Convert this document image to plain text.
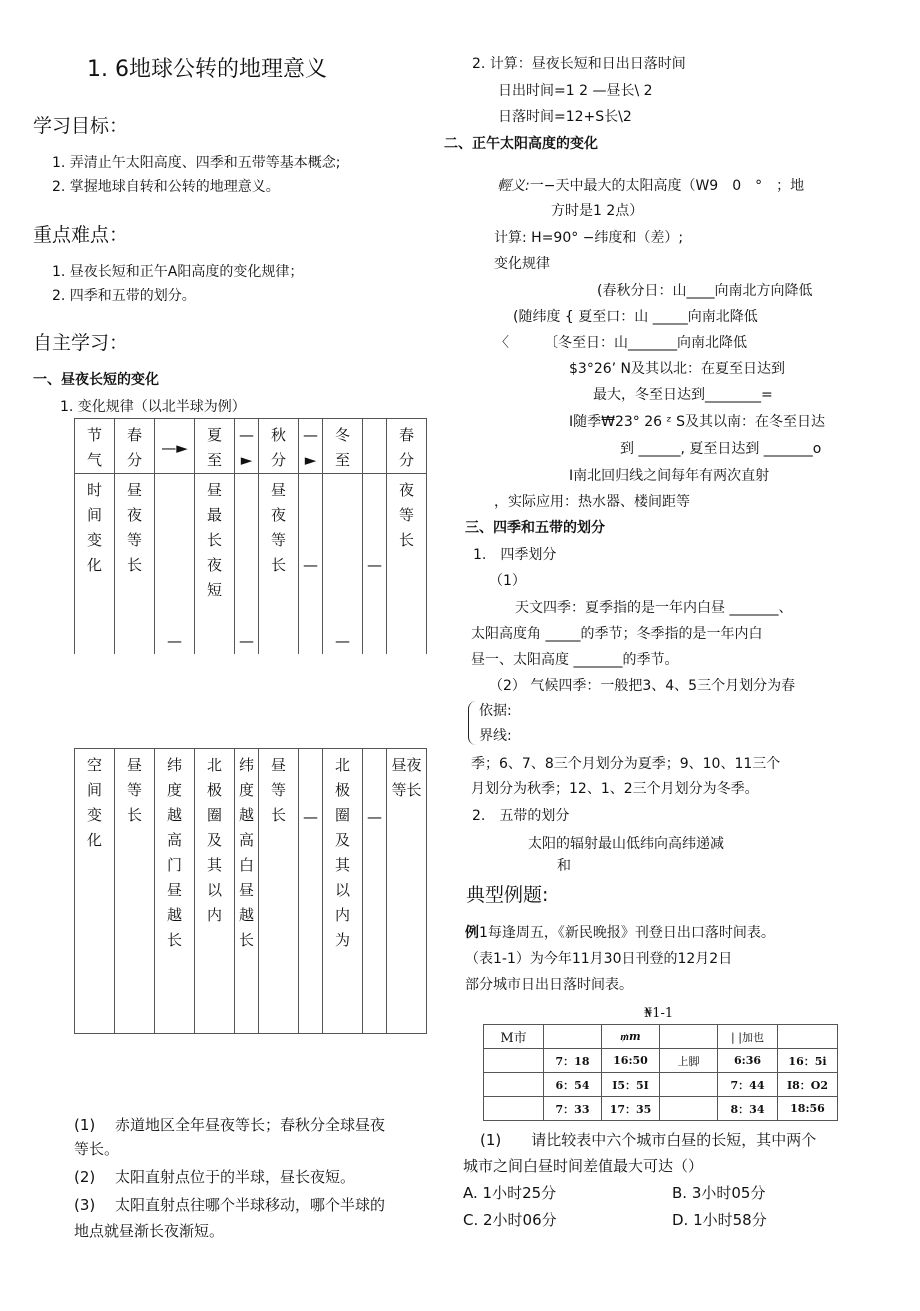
1. 6地球公转的地理意义
学习目标：
1. 弄清止午太阳高度、四季和五带等基本概念;
2. 掌握地球自转和公转的地理意义。
重点难点：
1. 昼夜长短和正午A阳高度的变化规律；
2. 四季和五带的划分。
自主学习：
一、昼夜长短的变化
1. 变化规律（以北半球为例）
节气	春分	—►	夏至	—►	秋分	—►	冬至		春分
时间变化	昼夜等长	—	昼最长夜 短	—	昼夜等长	—	—	—	夜等长
空间变化	昼 等长	纬度越高门昼越长	北极圈及其以内	纬度越高白昼越长	昼 等长	—	北极圈及其以内为	—	昼夜等长
(1)　 赤道地区全年昼夜等长；春秋分全球昼夜
等长。
(2)　 太阳直射点位于的半球，昼长夜短。
(3)　 太阳直射点往哪个半球移动，哪个半球的
地点就昼渐长夜渐短。
2. 计算：昼夜长短和日出日落时间
日出时间=1 2 —昼长\ 2
日落时间=12+S长\2
二、正午太阳高度的变化
輕义:一−天中最大的太阳高度（W9　0　°　；地
方时是1 2点）
计算: H=90° −纬度和（差）;
变化规律
(春秋分日：山____向南北方向降低
(随纬度 { 夏至口：山 _____向南北降低
〈　　　〔冬至日：山_______向南北降低
$3°26’ N及其以北：在夏至日达到
最大，冬至日达到________=
I随季₩23° 26 ᶻ S及其以南：在冬至日达
到 ______, 夏至日达到 _______o
I南北回归线之间每年有两次直射
，实际应用：热水器、楼间距等
三、四季和五带的划分
1.　四季划分
（1）
天文四季：夏季指的是一年内白昼 _______、
太阳高度角 _____的季节；冬季指的是一年内白
昼一、太阳高度 _______的季节。
（2） 气候四季：一般把3、4、5三个月划分为春
依据:
界线:
季；6、7、8三个月划分为夏季；9、10、11三个
月划分为秋季；12、1、2三个月划分为冬季。
2.　五带的划分
太阳的辐射最山低纬向高纬递减
和
典型例题:
例1每逢周五，《新民晚报》刊登日出口落时间表。
（表1-1）为今年11月30日刊登的12月2日
部分城市日出日落时间表。
₦1-1
M市		₥m		| |加也	
	7：18	16:50	上脚	6:36	16：5i
	6：54	I5：5I		7：44	I8：O2
	7：33	17：35		8：34	18:56
(1)　　请比较表中六个城市白昼的长短，其中两个
城市之间白昼时间差值最大可达（）
A. 1小时25分	B. 3小时05分
C. 2小时06分	D. 1小时58分
